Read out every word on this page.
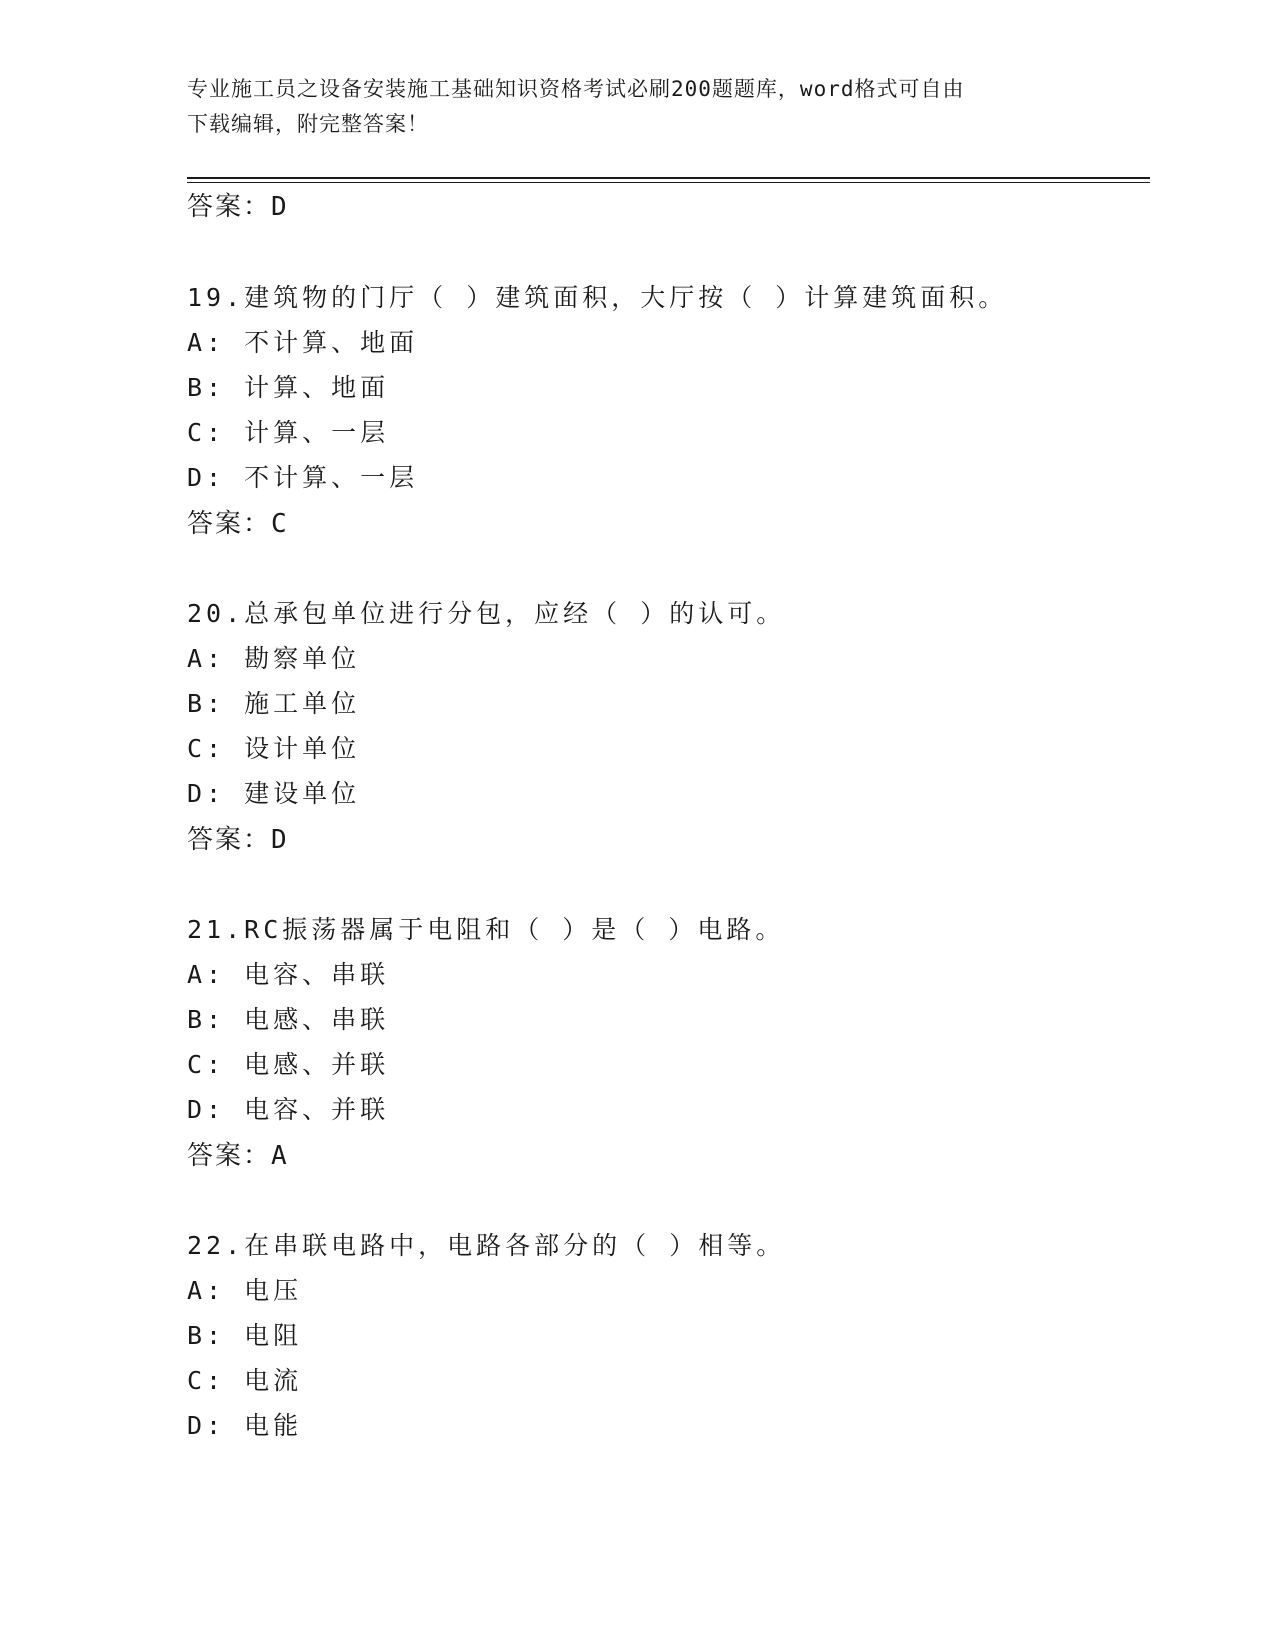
专业施工员之设备安装施工基础知识资格考试必刷200题题库，word格式可自由
下载编辑，附完整答案！
答案：D
19.建筑物的门厅（ ）建筑面积，大厅按（ ）计算建筑面积。
A: 不计算、地面
B: 计算、地面
C: 计算、一层
D: 不计算、一层
答案：C
20.总承包单位进行分包，应经（ ）的认可。
A: 勘察单位
B: 施工单位
C: 设计单位
D: 建设单位
答案：D
21.RC振荡器属于电阻和（ ）是（ ）电路。
A: 电容、串联
B: 电感、串联
C: 电感、并联
D: 电容、并联
答案：A
22.在串联电路中，电路各部分的（ ）相等。
A: 电压
B: 电阻
C: 电流
D: 电能
